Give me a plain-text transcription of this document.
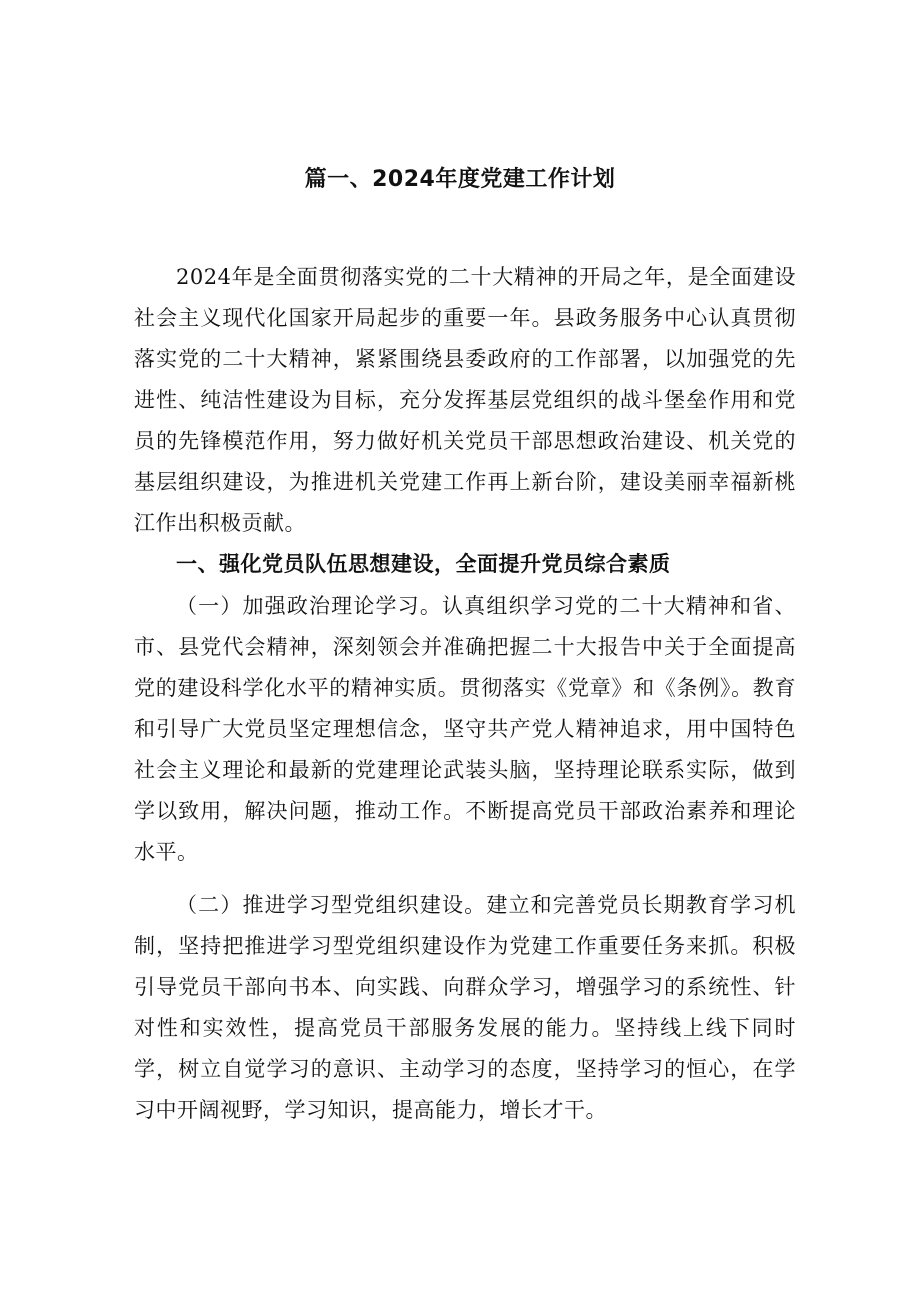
篇一、2024年度党建工作计划

2024年是全面贯彻落实党的二十大精神的开局之年，是全面建设社会主义现代化国家开局起步的重要一年。县政务服务中心认真贯彻落实党的二十大精神，紧紧围绕县委政府的工作部署，以加强党的先进性、纯洁性建设为目标，充分发挥基层党组织的战斗堡垒作用和党员的先锋模范作用，努力做好机关党员干部思想政治建设、机关党的基层组织建设，为推进机关党建工作再上新台阶，建设美丽幸福新桃江作出积极贡献。

一、强化党员队伍思想建设，全面提升党员综合素质

（一）加强政治理论学习。认真组织学习党的二十大精神和省、市、县党代会精神，深刻领会并准确把握二十大报告中关于全面提高党的建设科学化水平的精神实质。贯彻落实《党章》和《条例》。教育和引导广大党员坚定理想信念，坚守共产党人精神追求，用中国特色社会主义理论和最新的党建理论武装头脑，坚持理论联系实际，做到学以致用，解决问题，推动工作。不断提高党员干部政治素养和理论水平。

（二）推进学习型党组织建设。建立和完善党员长期教育学习机制，坚持把推进学习型党组织建设作为党建工作重要任务来抓。积极引导党员干部向书本、向实践、向群众学习，增强学习的系统性、针对性和实效性，提高党员干部服务发展的能力。坚持线上线下同时学，树立自觉学习的意识、主动学习的态度，坚持学习的恒心，在学习中开阔视野，学习知识，提高能力，增长才干。
